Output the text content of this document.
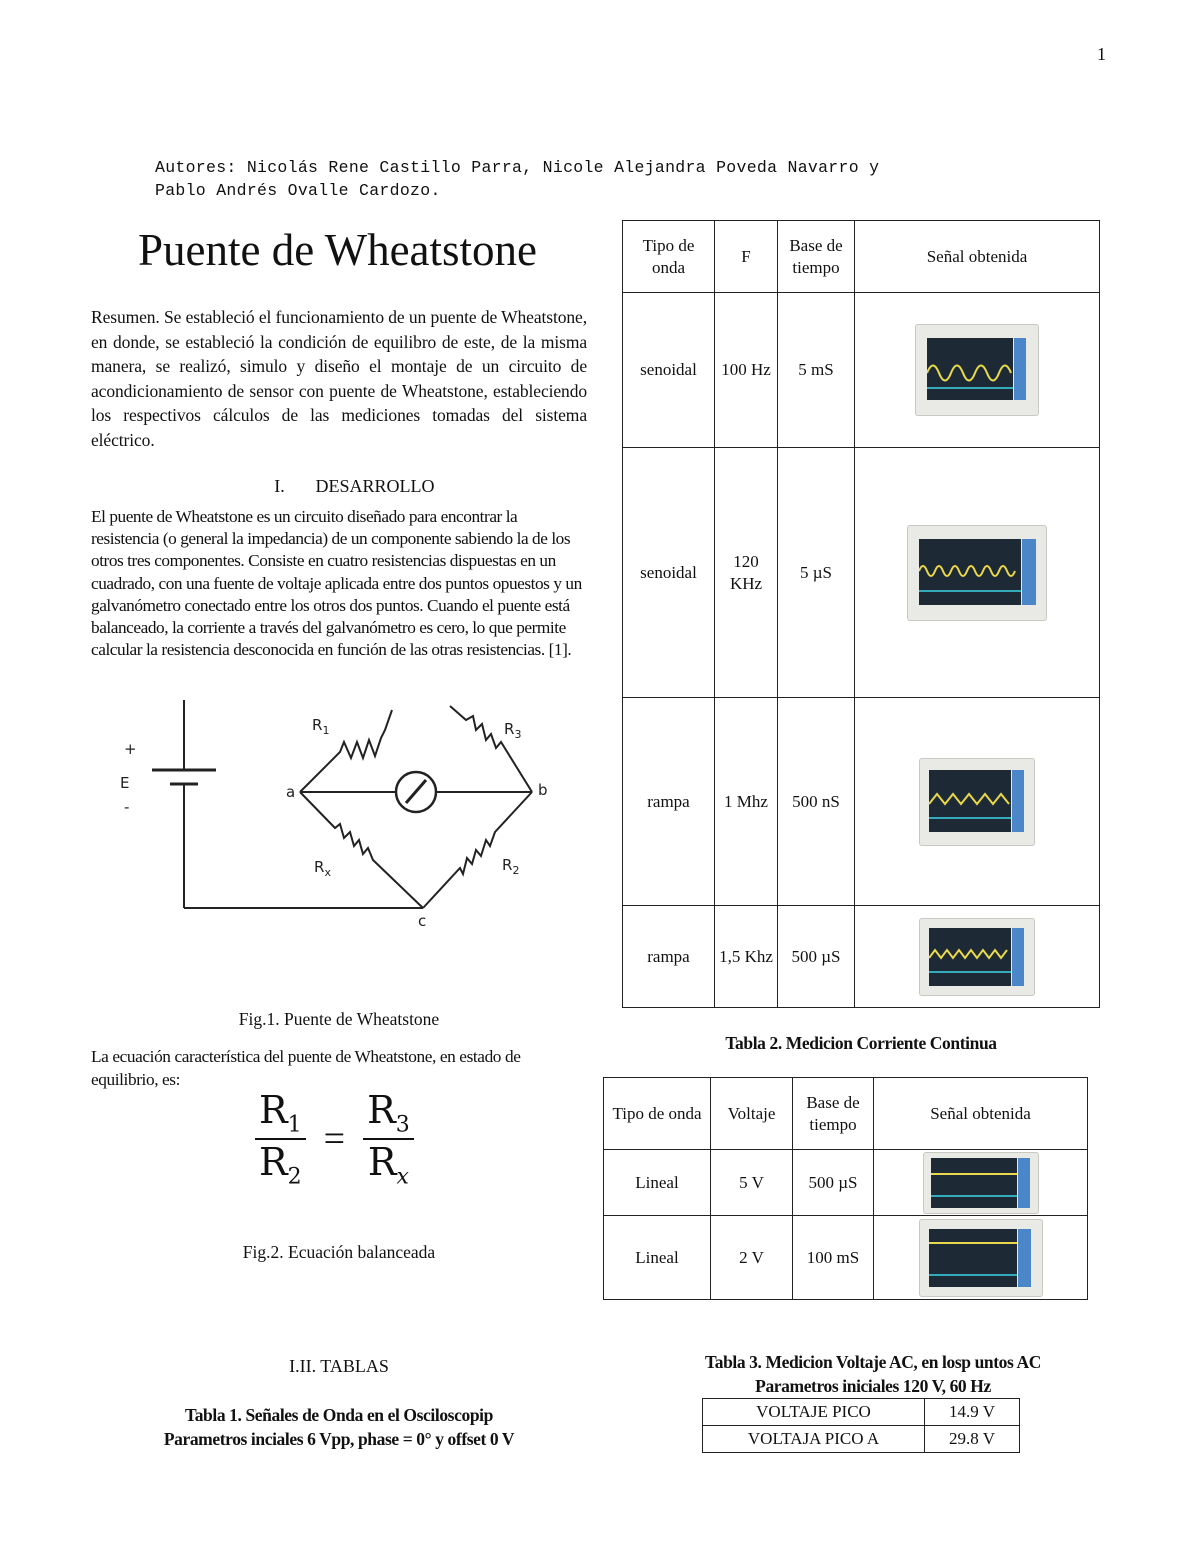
1
Autores: Nicolás Rene Castillo Parra, Nicole Alejandra Poveda Navarro y
Pablo Andrés Ovalle Cardozo.
Puente de Wheatstone
Resumen. Se estableció el funcionamiento de un puente de Wheatstone, en donde, se estableció la condición de equilibro de este, de la misma manera, se realizó, simulo y diseño el montaje de un circuito de acondicionamiento de sensor con puente de Wheatstone, estableciendo los respectivos cálculos de las mediciones tomadas del sistema eléctrico.
I. DESARROLLO
El puente de Wheatstone es un circuito diseñado para encontrar la resistencia (o general la impedancia) de un componente sabiendo la de los otros tres componentes. Consiste en cuatro resistencias dispuestas en un cuadrado, con una fuente de voltaje aplicada entre dos puntos opuestos y un galvanómetro conectado entre los otros dos puntos. Cuando el puente está balanceado, la corriente a través del galvanómetro es cero, lo que permite calcular la resistencia desconocida en función de las otras resistencias. [1].
+
E
-
a	b
c
$R_1$	$R_3$
$R_x$	$R_2$
Fig.1. Puente de Wheatstone
La ecuación característica del puente de Wheatstone, en estado de equilibrio, es:
$\frac{R_1}{R_2} = \frac{R_3}{R_x}$
Fig.2. Ecuación balanceada
I.II. TABLAS
Tabla 1. Señales de Onda en el Osciloscopip
Parametros inciales 6 Vpp, phase = 0° y offset 0 V
Tipo de onda	F	Base de tiempo	Señal obtenida
senoidal	100 Hz	5 mS	

senoidal	120 KHz	5 µS	

rampa	1 Mhz	500 nS	

rampa	1,5 Khz	500 µS	
Tabla 2. Medicion Corriente Continua
Tipo de onda	Voltaje	Base de tiempo	Señal obtenida
Lineal	5 V	500 µS	

Lineal	2 V	100 mS	
Tabla 3. Medicion Voltaje AC, en losp untos AC
Parametros iniciales 120 V, 60 Hz
VOLTAJE PICO	14.9 V
VOLTAJA PICO A	29.8 V
